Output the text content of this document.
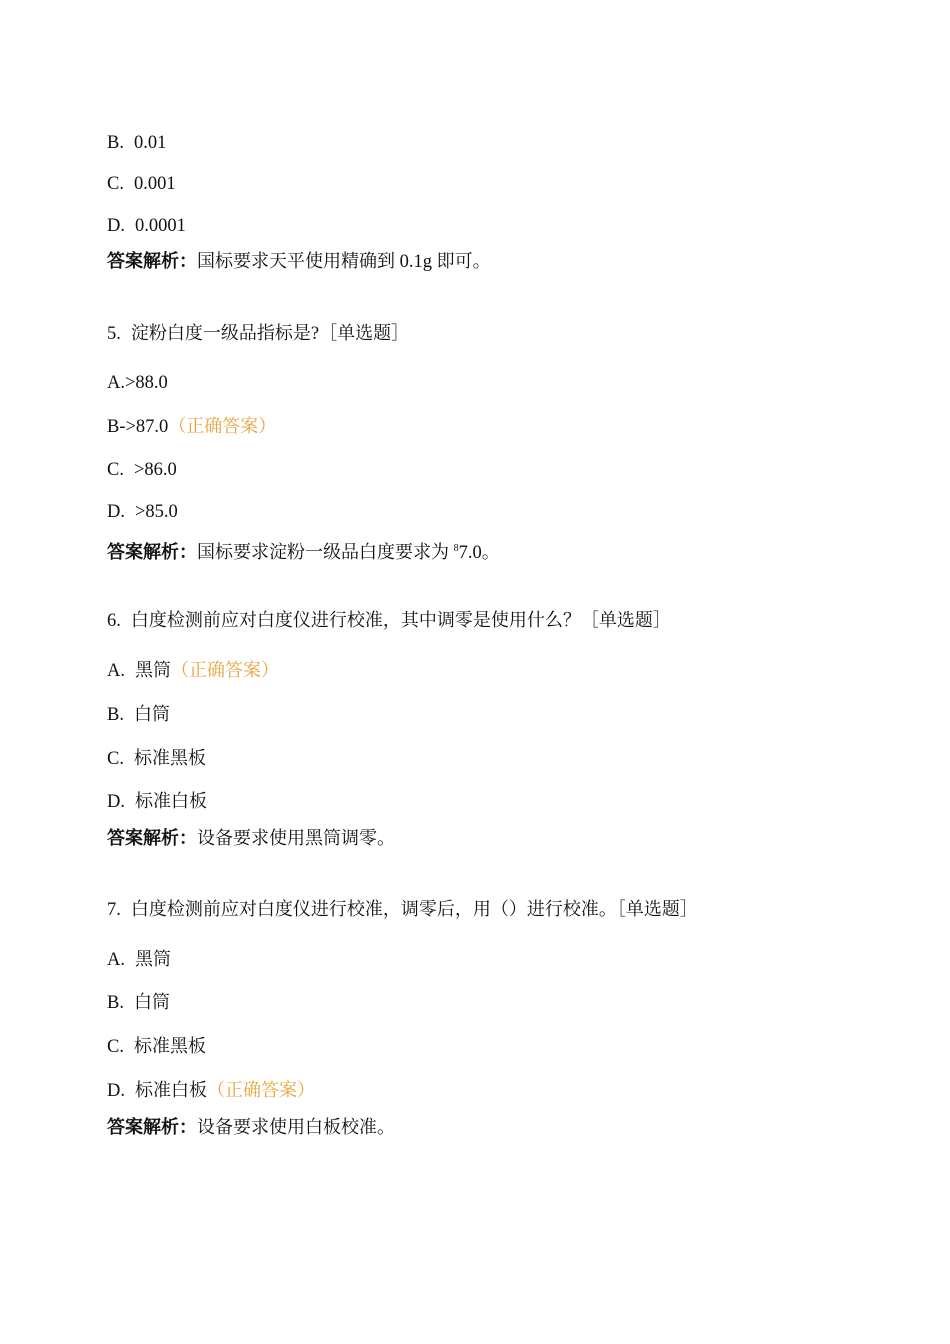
B. 0.01
C. 0.001
D. 0.0001
答案解析：国标要求天平使用精确到 0.1g 即可。
5. 淀粉白度一级品指标是?［单选题］
A.>88.0
B->87.0（正确答案）
C. >86.0
D. >85.0
答案解析：国标要求淀粉一级品白度要求为 $^8$7.0。
6. 白度检测前应对白度仪进行校准，其中调零是使用什么？［单选题］
A. 黑筒（正确答案）
B. 白筒
C. 标准黑板
D. 标准白板
答案解析：设备要求使用黑筒调零。
7. 白度检测前应对白度仪进行校准，调零后，用（）进行校准。［单选题］
A. 黑筒
B. 白筒
C. 标准黑板
D. 标准白板（正确答案）
答案解析：设备要求使用白板校准。
